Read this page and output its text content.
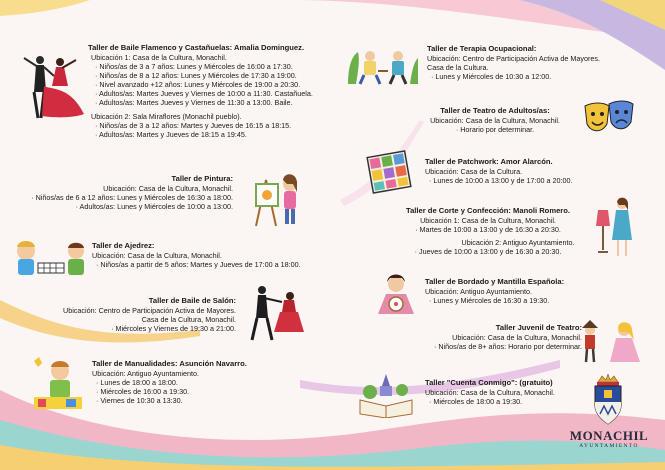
Taller de Baile Flamenco y Castañuelas: Amalia Dominguez.
Ubicación 1: Casa de la Cultura, Monachil.
· Niños/as de 3 a 7 años: Lunes y Miércoles de 16:00 a 17:30.
· Niños/as de 8 a 12 años: Lunes y Miércoles de 17:30 a 19:00.
· Nivel avanzado +12 años: Lunes y Miércoles de 19:00 a 20:30.
· Adultos/as: Martes Jueves y Viernes de 10:00 a 11:30. Castañuela.
· Adultos/as: Martes Jueves y Viernes de 11:30 a 13:00. Baile.
Ubicación 2: Sala Miraflores (Monachil pueblo).
· Niños/as de 3 a 12 años: Martes y Jueves de 16:15 a 18:15.
· Adultos/as: Martes y Jueves de 18:15 a 19:45.
Taller de Pintura:
Ubicación: Casa de la Cultura, Monachil.
· Niños/as de 6 a 12 años: Lunes y Miércoles de 16:30 a 18:00.
· Adultos/as: Lunes y Miércoles de 10:00 a 13:00.
Taller de Ajedrez:
Ubicación: Casa de la Cultura, Monachil.
· Niños/as a partir de 5 años: Martes y Jueves de 17:00 a 18:00.
Taller de Baile de Salón:
Ubicación: Centro de Participación Activa de Mayores.
Casa de la Cultura, Monachil.
· Miércoles y Viernes de 19:30 a 21:00.
Taller de Manualidades: Asunción Navarro.
Ubicación: Antiguo Ayuntamiento.
· Lunes de 18:00 a 18:00.
· Miércoles de 16:00 a 19:30.
· Viernes de 10:30 a 13:30.
Taller de Terapia Ocupacional:
Ubicación: Centro de Participación Activa de Mayores.
Casa de la Cultura.
· Lunes y Miércoles de 10:30 a 12:00.
Taller de Teatro de Adultos/as:
Ubicación: Casa de la Cultura, Monachil.
· Horario por determinar.
Taller de Patchwork: Amor Alarcón.
Ubicación: Casa de la Cultura.
· Lunes de 10:00 a 13:00 y de 17:00 a 20:00.
Taller de Corte y Confección: Manoli Romero.
Ubicación 1: Casa de la Cultura, Monachil.
· Martes de 10:00 a 13:00 y de 16:30 a 20:30.
Ubicación 2: Antiguo Ayuntamiento.
· Jueves de 10:00 a 13:00 y de 16:30 a 20:30.
Taller de Bordado y Mantilla Española:
Ubicación: Antiguo Ayuntamiento.
· Lunes y Miércoles de 16:30 a 19:30.
Taller Juvenil de Teatro:
Ubicación: Casa de la Cultura, Monachil.
· Niños/as de 8+ años: Horario por determinar.
Taller "Cuenta Conmigo": (gratuito)
Ubicación: Casa de la Cultura, Monachil.
· Miércoles de 18:00 a 19:30.
MONACHIL
AYUNTAMIENTO
